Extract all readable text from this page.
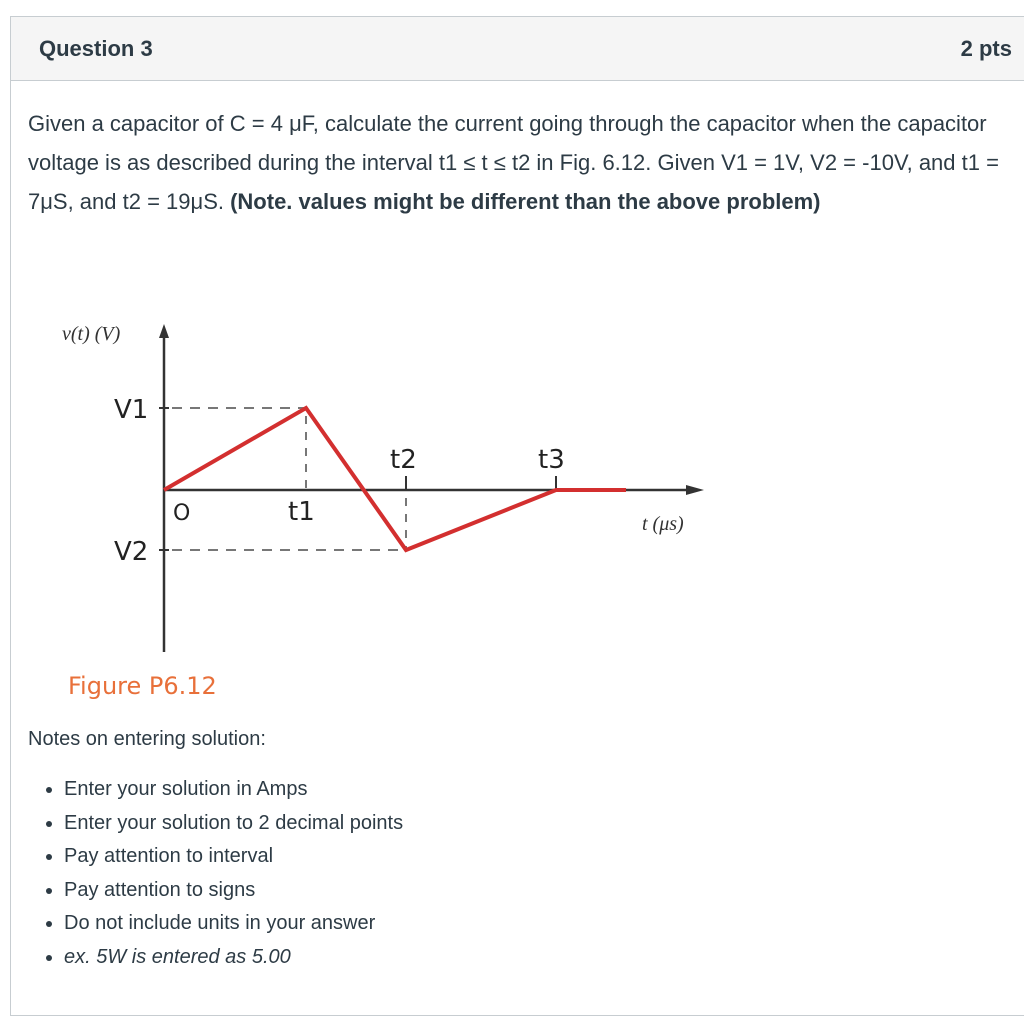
Question 3	2 pts

Given a capacitor of C = 4 μF, calculate the current going through the capacitor when the capacitor voltage is as described during the interval t1 ≤ t ≤ t2 in Fig. 6.12. Given V1 = 1V, V2 = -10V, and t1 = 7μS, and t2 = 19μS. (Note. values might be different than the above problem)

v(t) (V)
V1
V2
O	t1
t2	t3
t (μs)
Figure P6.12

Notes on entering solution:

• Enter your solution in Amps
• Enter your solution to 2 decimal points
• Pay attention to interval
• Pay attention to signs
• Do not include units in your answer
• ex. 5W is entered as 5.00
